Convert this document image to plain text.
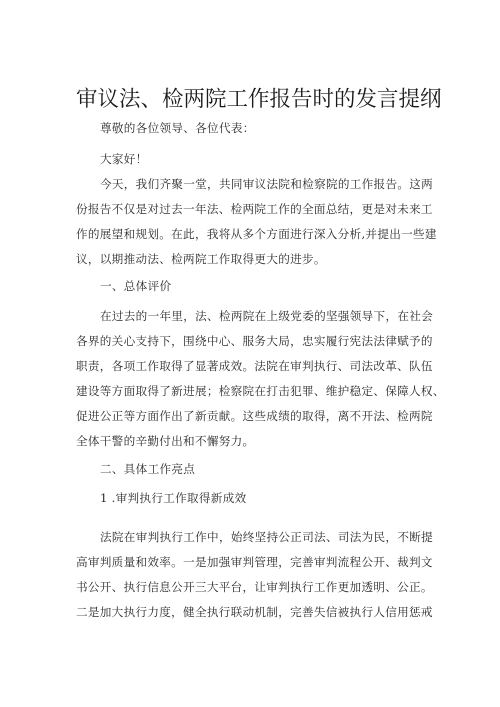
审议法、检两院工作报告时的发言提纲
尊敬的各位领导、各位代表：
大家好！
今天，我们齐聚一堂，共同审议法院和检察院的工作报告。这两
份报告不仅是对过去一年法、检两院工作的全面总结，更是对未来工
作的展望和规划。在此，我将从多个方面进行深入分析,并提出一些建
议，以期推动法、检两院工作取得更大的进步。
一、总体评价
在过去的一年里，法、检两院在上级党委的坚强领导下，在社会
各界的关心支持下，围绕中心、服务大局，忠实履行宪法法律赋予的
职责，各项工作取得了显著成效。法院在审判执行、司法改革、队伍
建设等方面取得了新进展；检察院在打击犯罪、维护稳定、保障人权、
促进公正等方面作出了新贡献。这些成绩的取得，离不开法、检两院
全体干警的辛勤付出和不懈努力。
二、具体工作亮点
1 .审判执行工作取得新成效
法院在审判执行工作中，始终坚持公正司法、司法为民，不断提
高审判质量和效率。一是加强审判管理，完善审判流程公开、裁判文
书公开、执行信息公开三大平台，让审判执行工作更加透明、公正。
二是加大执行力度，健全执行联动机制，完善失信被执行人信用惩戒
